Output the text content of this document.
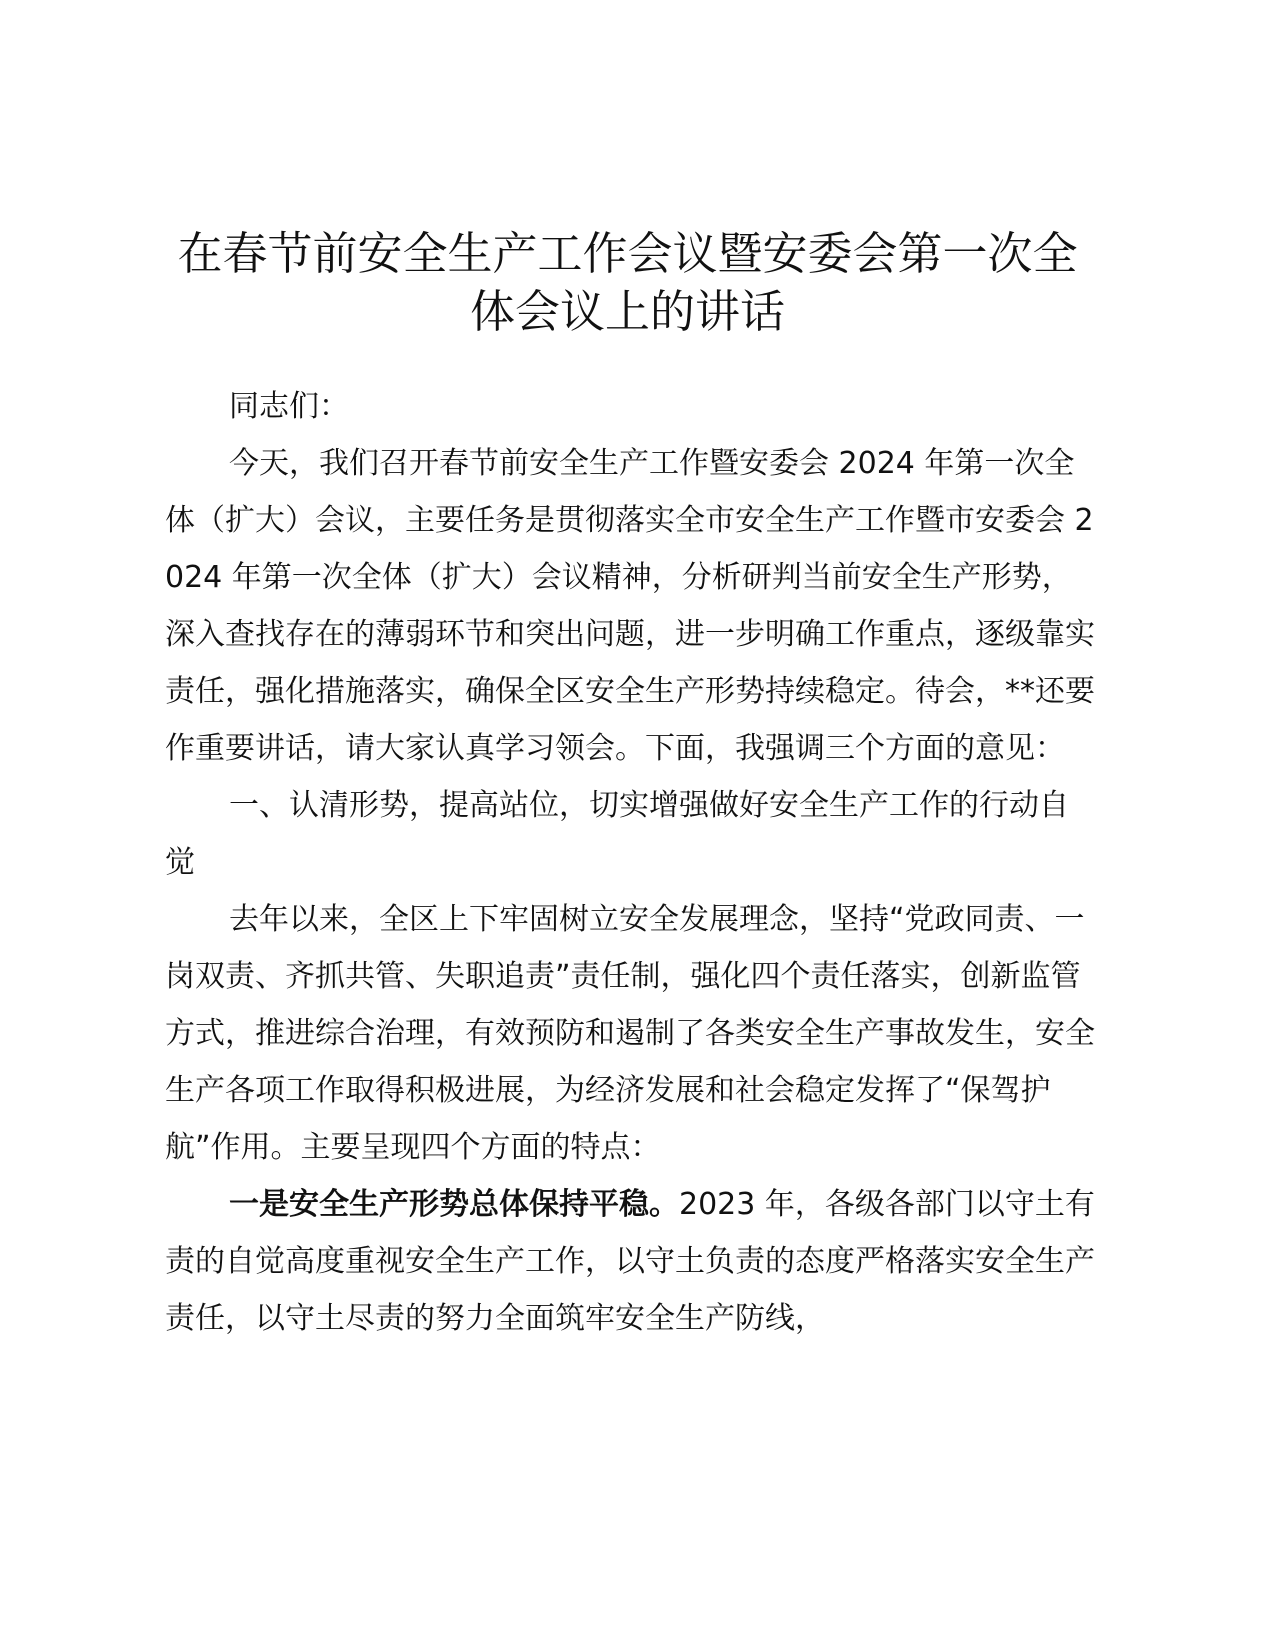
在春节前安全生产工作会议暨安委会第一次全
体会议上的讲话

同志们：

今天，我们召开春节前安全生产工作暨安委会 2024 年第一次全体（扩大）会议，主要任务是贯彻落实全市安全生产工作暨市安委会 2024 年第一次全体（扩大）会议精神，分析研判当前安全生产形势，深入查找存在的薄弱环节和突出问题，进一步明确工作重点，逐级靠实责任，强化措施落实，确保全区安全生产形势持续稳定。待会，**还要作重要讲话，请大家认真学习领会。下面，我强调三个方面的意见：

一、认清形势，提高站位，切实增强做好安全生产工作的行动自觉

去年以来，全区上下牢固树立安全发展理念，坚持“党政同责、一岗双责、齐抓共管、失职追责”责任制，强化四个责任落实，创新监管方式，推进综合治理，有效预防和遏制了各类安全生产事故发生，安全生产各项工作取得积极进展，为经济发展和社会稳定发挥了“保驾护航”作用。主要呈现四个方面的特点：

一是安全生产形势总体保持平稳。2023 年，各级各部门以守土有责的自觉高度重视安全生产工作，以守土负责的态度严格落实安全生产责任，以守土尽责的努力全面筑牢安全生产防线，
